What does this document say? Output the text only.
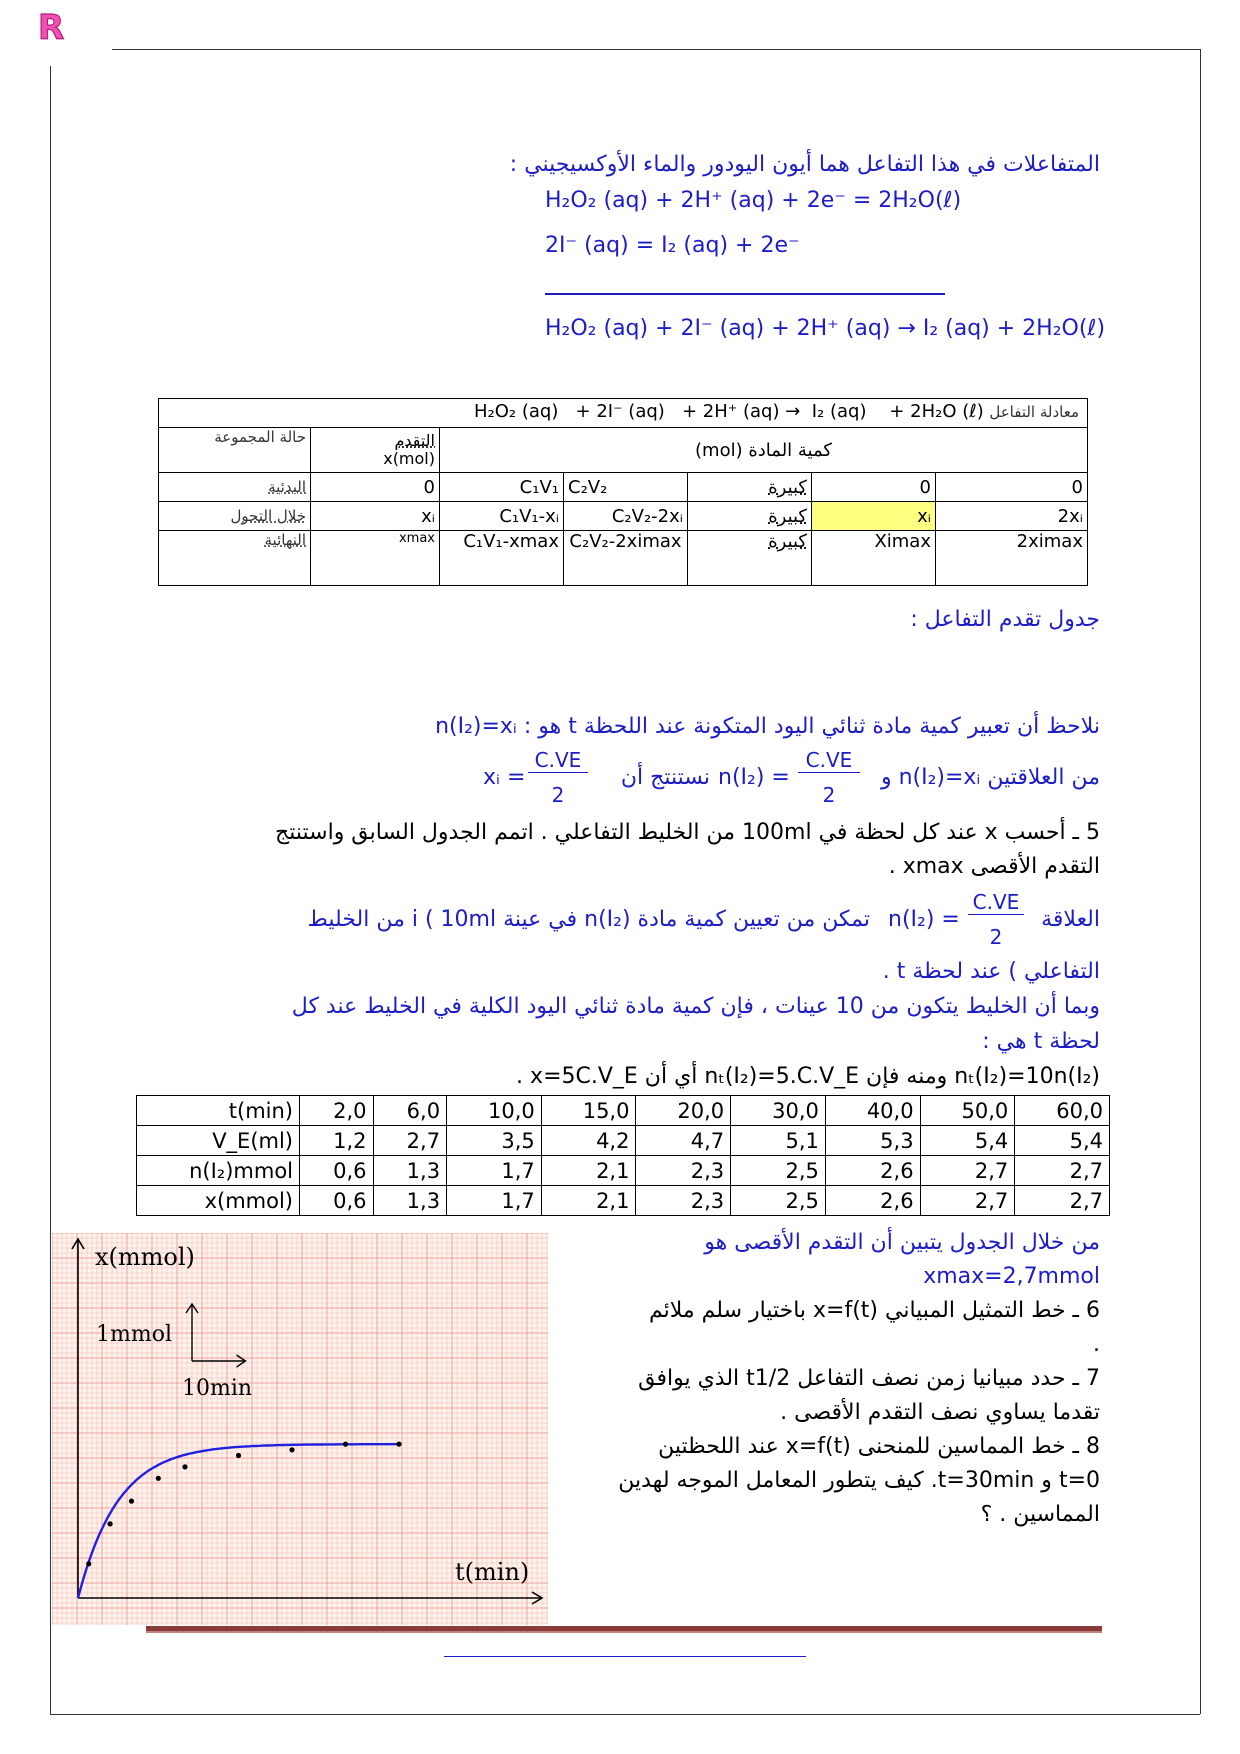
R
المتفاعلات في هذا التفاعل هما أيون اليودور والماء الأوكسيجيني :
H₂O₂ (aq) + 2H⁺ (aq) + 2e⁻ = 2H₂O(ℓ)
2I⁻ (aq) = I₂ (aq) + 2e⁻
H₂O₂ (aq) + 2I⁻ (aq) + 2H⁺ (aq) → I₂ (aq) + 2H₂O(ℓ)
معادلة التفاعل
H₂O₂ (aq)   + 2I⁻ (aq)   + 2H⁺ (aq) →  I₂ (aq)    + 2H₂O (ℓ)						

حالة المجموعة	التقدم
x(mol)	كمية المادة (mol)				
البدئية	0	C₁V₁	C₂V₂	كبيرة	0	0
خلال التحول	xᵢ	C₁V₁-xᵢ	C₂V₂-2xᵢ	كبيرة	xᵢ	2xᵢ
النهائية	xmax	C₁V₁-xmax	C₂V₂-2ximax	كبيرة	Ximax	2ximax
جدول تقدم التفاعل :
نلاحظ أن تعبير كمية مادة ثنائي اليود المتكونة عند اللحظة t هو : n(I₂)=xᵢ
من العلاقتين n(I₂)=xᵢ و
n(I₂) =
C.VE
2
نستنتج أن
xᵢ =
C.VE
2
5 ـ أحسب x عند كل لحظة في 100ml من الخليط التفاعلي . اتمم الجدول السابق واستنتج
التقدم الأقصى xmax .
العلاقة
n(I₂) =
C.VE
2
تمكن من تعيين كمية مادة n(I₂) في عينة i ( 10ml من الخليط
التفاعلي ) عند لحظة t .
وبما أن الخليط يتكون من 10 عينات ، فإن كمية مادة ثنائي اليود الكلية في الخليط عند كل
لحظة t هي :
nₜ(I₂)=10n(I₂) ومنه فإن nₜ(I₂)=5.C.V_E أي أن x=5C.V_E .
t(min)	2,0	6,0	10,0	15,0	20,0	30,0	40,0	50,0	60,0
V_E(ml)	1,2	2,7	3,5	4,2	4,7	5,1	5,3	5,4	5,4
n(I₂)mmol	0,6	1,3	1,7	2,1	2,3	2,5	2,6	2,7	2,7
x(mmol)	0,6	1,3	1,7	2,1	2,3	2,5	2,6	2,7	2,7
x(mmol)
1mmol
10min
t(min)
من خلال الجدول يتبين أن التقدم الأقصى هو
xmax=2,7mmol
6 ـ خط التمثيل المبياني x=f(t) باختيار سلم ملائم
.
7 ـ حدد مبيانيا زمن نصف التفاعل t1/2 الذي يوافق
تقدما يساوي نصف التقدم الأقصى .
8 ـ خط المماسين للمنحنى x=f(t) عند اللحظتين
t=0 و t=30min. كيف يتطور المعامل الموجه لهدين
المماسين . ؟
